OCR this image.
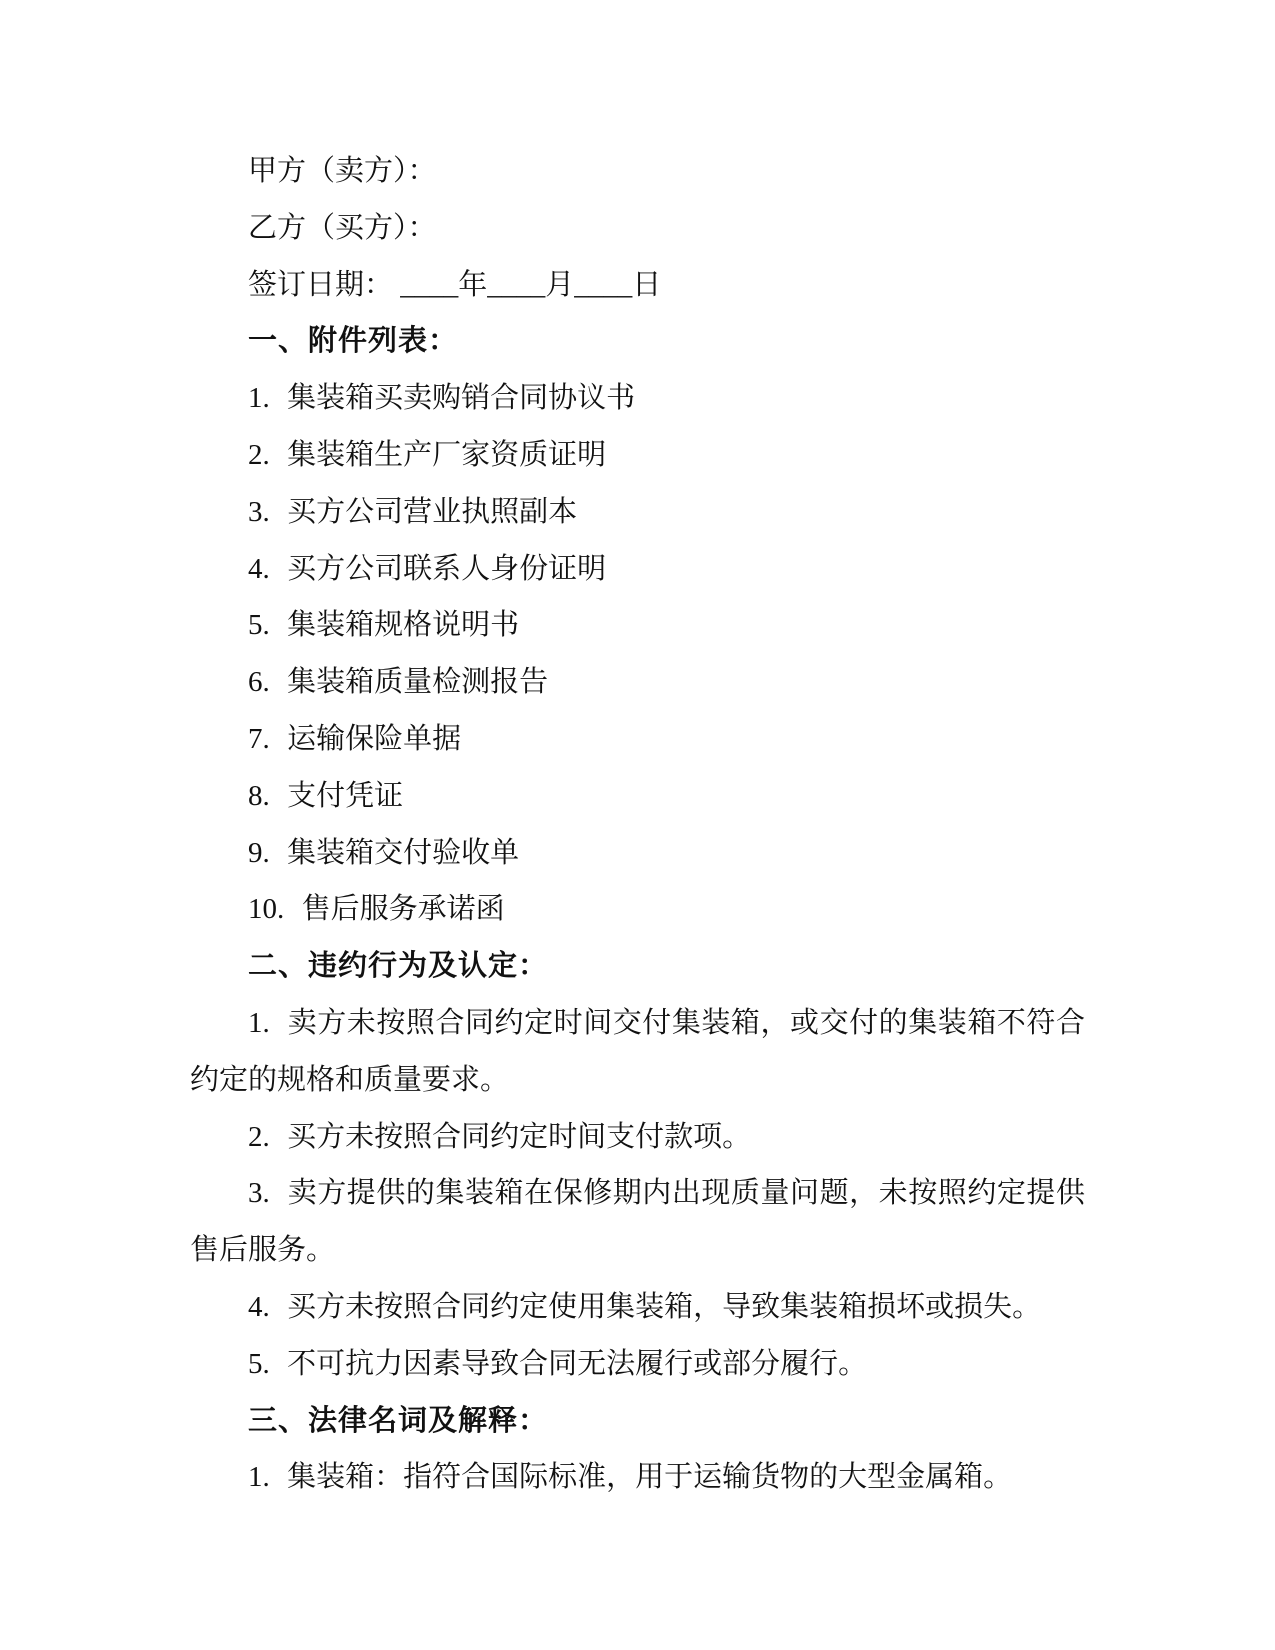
甲方（卖方）：

乙方（买方）：

签订日期： ____年____月____日

一、附件列表：

1. 集装箱买卖购销合同协议书

2. 集装箱生产厂家资质证明

3. 买方公司营业执照副本

4. 买方公司联系人身份证明

5. 集装箱规格说明书

6. 集装箱质量检测报告

7. 运输保险单据

8. 支付凭证

9. 集装箱交付验收单

10. 售后服务承诺函

二、违约行为及认定：

1. 卖方未按照合同约定时间交付集装箱，或交付的集装箱不符合约定的规格和质量要求。

2. 买方未按照合同约定时间支付款项。

3. 卖方提供的集装箱在保修期内出现质量问题，未按照约定提供售后服务。

4. 买方未按照合同约定使用集装箱，导致集装箱损坏或损失。

5. 不可抗力因素导致合同无法履行或部分履行。

三、法律名词及解释：

1. 集装箱：指符合国际标准，用于运输货物的大型金属箱。
